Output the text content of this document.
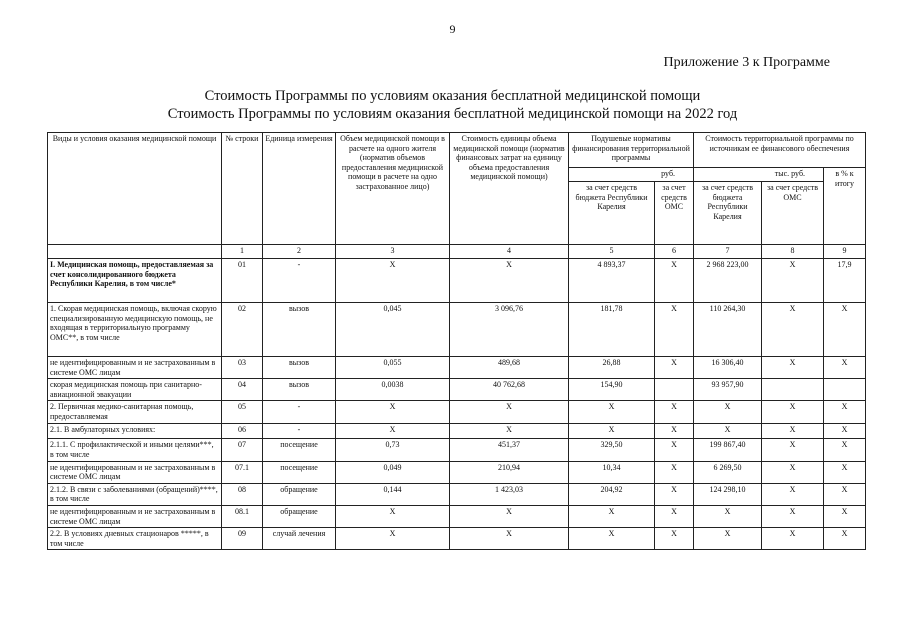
9
Приложение 3 к Программе
Стоимость Программы по условиям оказания бесплатной медицинской помощи
Стоимость Программы по условиям оказания бесплатной медицинской помощи на 2022 год
Виды и условия оказания медицинской помощи	№ строки	Единица измерения	Объем медицинской помощи в расчете на одного жителя (норматив объемов предоставления медицинской помощи в расчете на одно застрахованное лицо)	Стоимость единицы объема медицинской помощи (норматив финансовых затрат на единицу объема предоставления медицинской помощи)	Подушевые нормативы финансирования территориальной программы		Стоимость территориальной программы по источникам ее финансового обеспечения		
					руб.		тыс. руб.		в % к итогу
					за счет средств бюджета Республики Карелия	за счет средств ОМС	за счет средств бюджета Республики Карелия	за счет средств ОМС	
	1	2	3	4	5	6	7	8	9
I. Медицинская помощь, предоставляемая за счет консолидированного бюджета Республики Карелия, в том числе*	01	-	X	X	4 893,37	X	2 968 223,00	X	17,9
1. Скорая медицинская помощь, включая скорую специализированную медицинскую помощь, не входящая в территориальную программу ОМС**, в том числе	02	вызов	0,045	3 096,76	181,78	X	110 264,30	X	X
не идентифицированным и не застрахованным в системе ОМС лицам	03	вызов	0,055	489,68	26,88	X	16 306,40	X	X
скорая медицинская помощь при санитарно-авиационной эвакуации	04	вызов	0,0038	40 762,68	154,90		93 957,90		
2. Первичная медико-санитарная помощь, предоставляемая	05	-	X	X	X	X	X	X	X
2.1. В амбулаторных условиях:	06	-	X	X	X	X	X	X	X
2.1.1. С профилактической и иными целями***, в том числе	07	посещение	0,73	451,37	329,50	X	199 867,40	X	X
не идентифицированным и не застрахованным в системе ОМС лицам	07.1	посещение	0,049	210,94	10,34	X	6 269,50	X	X
2.1.2. В связи с заболеваниями (обращений)****, в том числе	08	обращение	0,144	1 423,03	204,92	X	124 298,10	X	X
не идентифицированным и не застрахованным в системе ОМС лицам	08.1	обращение	X	X	X	X	X	X	X
2.2. В условиях дневных стационаров *****, в том числе	09	случай лечения	X	X	X	X	X	X	X
